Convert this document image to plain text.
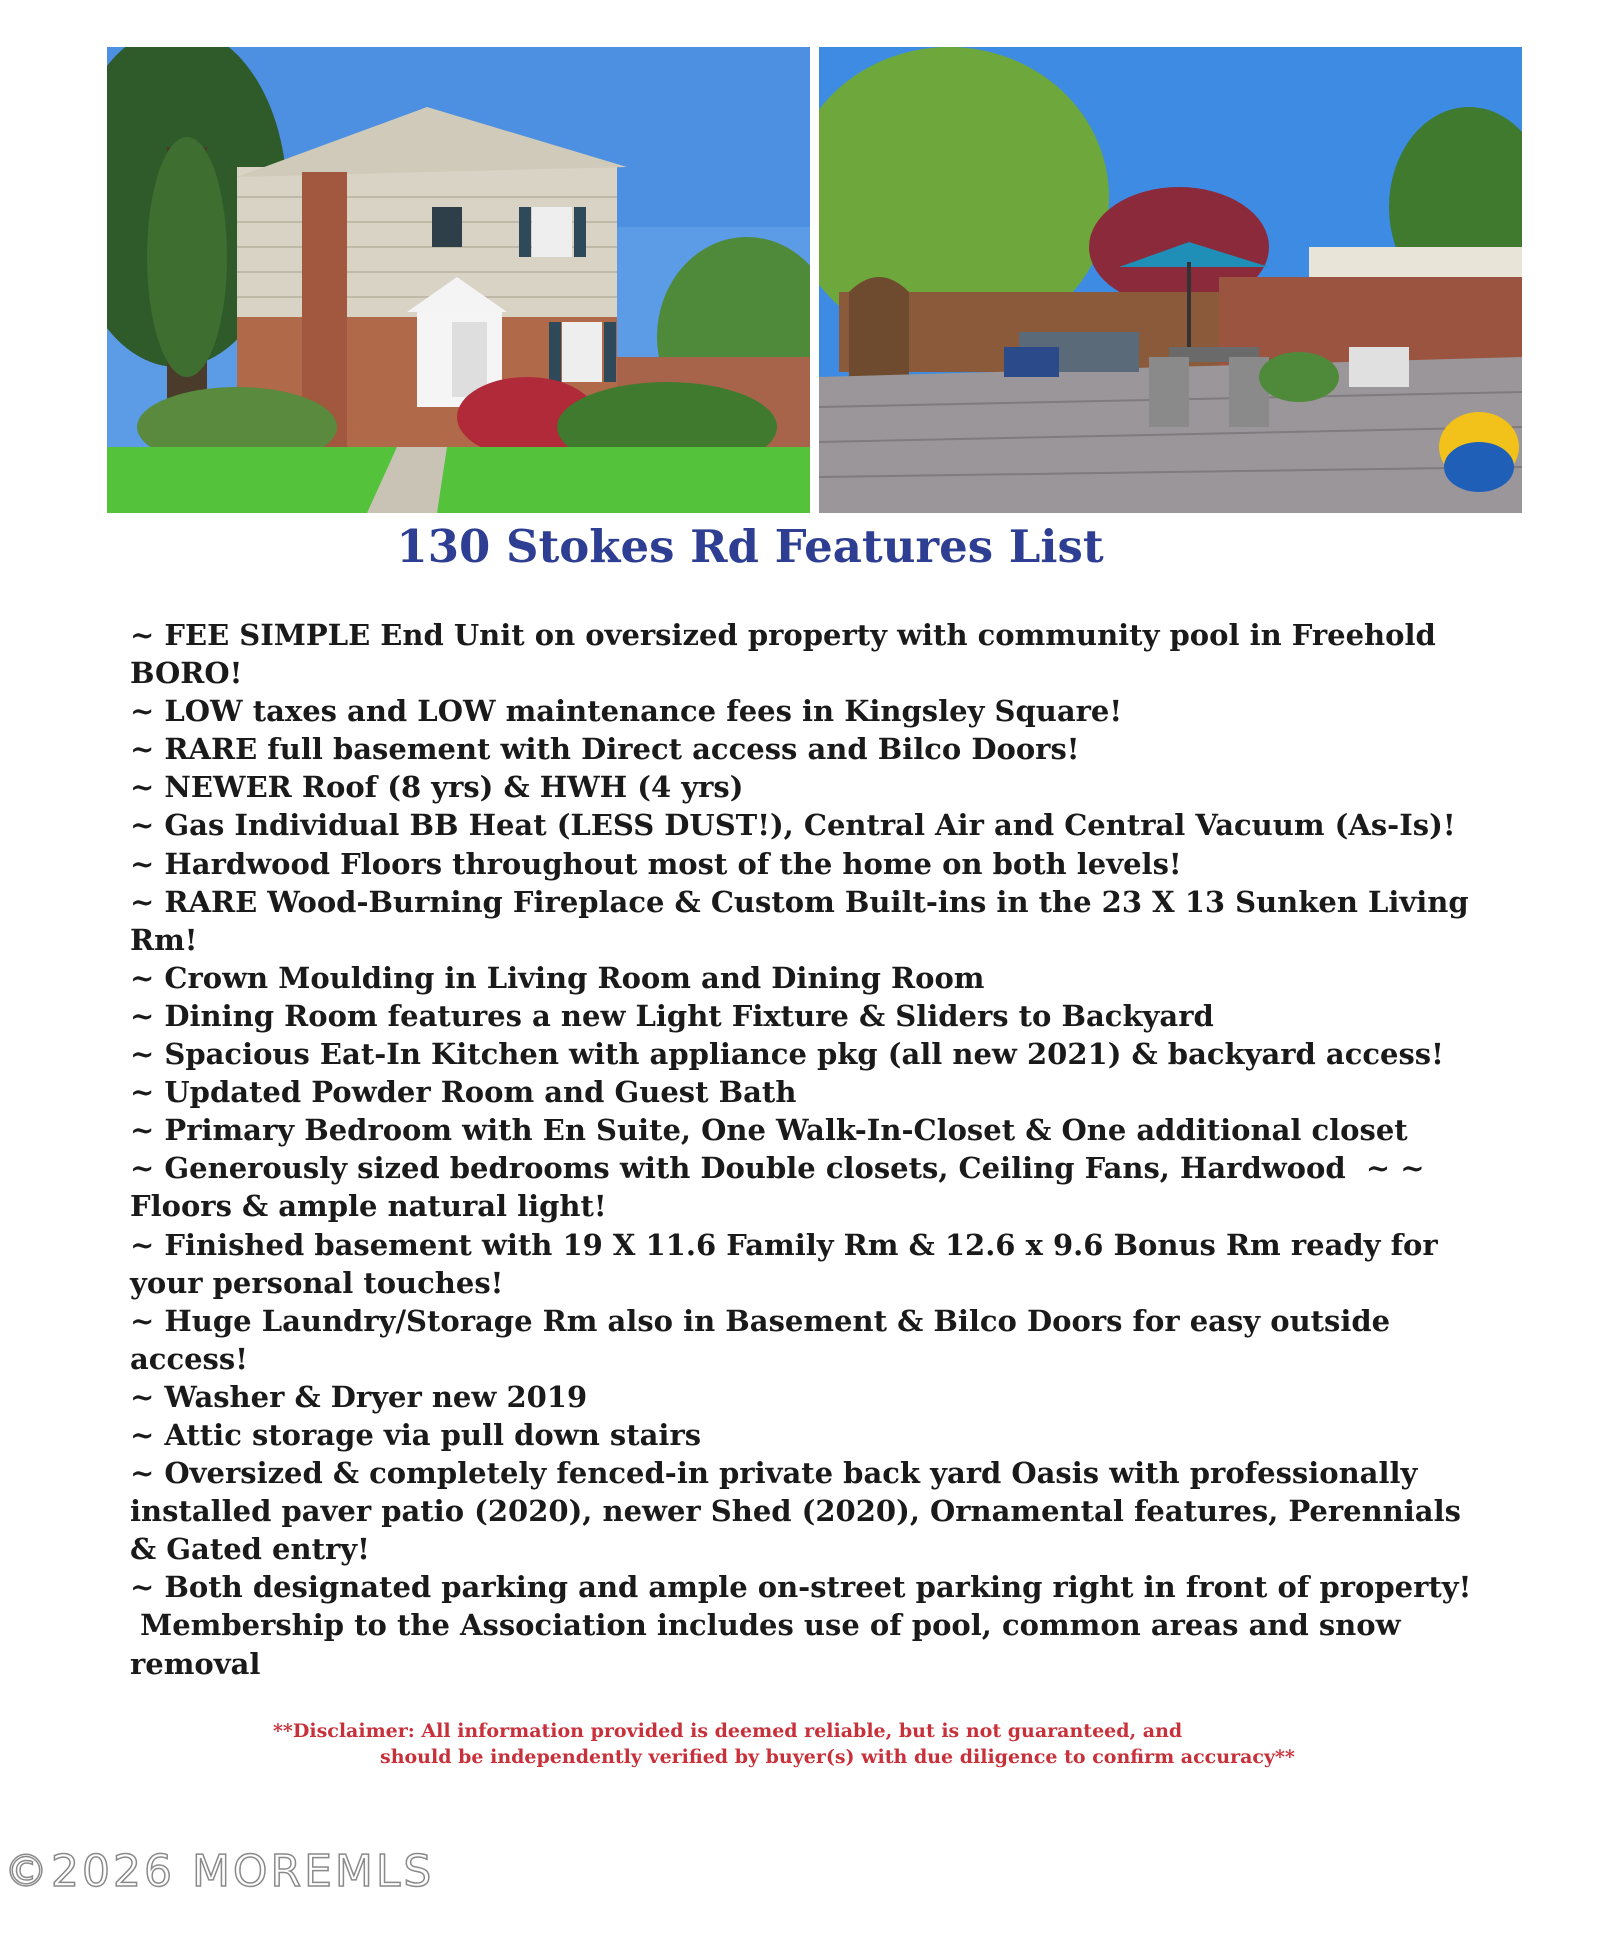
130 Stokes Rd Features List
~ FEE SIMPLE End Unit on oversized property with community pool in Freehold
BORO!
~ LOW taxes and LOW maintenance fees in Kingsley Square!
~ RARE full basement with Direct access and Bilco Doors!
~ NEWER Roof (8 yrs) & HWH (4 yrs)
~ Gas Individual BB Heat (LESS DUST!), Central Air and Central Vacuum (As-Is)!
~ Hardwood Floors throughout most of the home on both levels!
~ RARE Wood-Burning Fireplace & Custom Built-ins in the 23 X 13 Sunken Living
Rm!
~ Crown Moulding in Living Room and Dining Room
~ Dining Room features a new Light Fixture & Sliders to Backyard
~ Spacious Eat-In Kitchen with appliance pkg (all new 2021) & backyard access!
~ Updated Powder Room and Guest Bath
~ Primary Bedroom with En Suite, One Walk-In-Closet & One additional closet
~ Generously sized bedrooms with Double closets, Ceiling Fans, Hardwood  ~ ~
Floors & ample natural light!
~ Finished basement with 19 X 11.6 Family Rm & 12.6 x 9.6 Bonus Rm ready for
your personal touches!
~ Huge Laundry/Storage Rm also in Basement & Bilco Doors for easy outside
access!
~ Washer & Dryer new 2019
~ Attic storage via pull down stairs
~ Oversized & completely fenced-in private back yard Oasis with professionally
installed paver patio (2020), newer Shed (2020), Ornamental features, Perennials
& Gated entry!
~ Both designated parking and ample on-street parking right in front of property!
Membership to the Association includes use of pool, common areas and snow
removal
**Disclaimer: All information provided is deemed reliable, but is not guaranteed, and
should be independently verified by buyer(s) with due diligence to confirm accuracy**
©2026 MOREMLS
